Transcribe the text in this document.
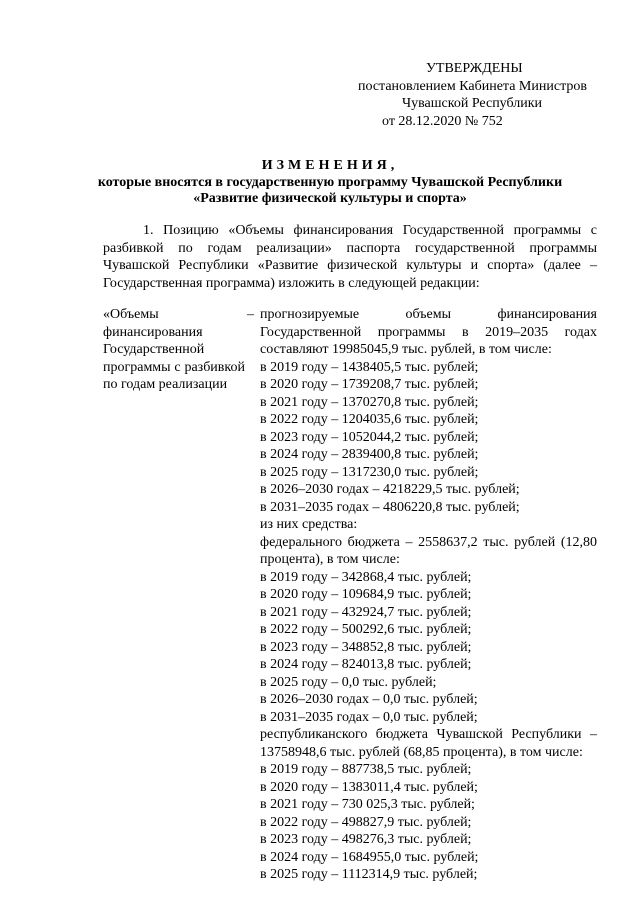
УТВЕРЖДЕНЫ
постановлением Кабинета Министров
Чувашской Республики
от 28.12.2020 № 752
ИЗМЕНЕНИЯ,
которые вносятся в государственную программу Чувашской Республики
«Развитие физической культуры и спорта»

1. Позицию «Объемы финансирования Государственной программы с разбивкой по годам реализации» паспорта государственной программы Чувашской Республики «Развитие физической культуры и спорта» (далее – Государственная программа) изложить в следующей редакции:

«Объемы финансирования Государственной программы с разбивкой по годам реализации

– прогнозируемые объемы финансирования Государственной программы в 2019–2035 годах составляют 19985045,9 тыс. рублей, в том числе:

в 2019 году – 1438405,5 тыс. рублей;
в 2020 году – 1739208,7 тыс. рублей;
в 2021 году – 1370270,8 тыс. рублей;
в 2022 году – 1204035,6 тыс. рублей;
в 2023 году – 1052044,2 тыс. рублей;
в 2024 году – 2839400,8 тыс. рублей;
в 2025 году – 1317230,0 тыс. рублей;
в 2026–2030 годах – 4218229,5 тыс. рублей;
в 2031–2035 годах – 4806220,8 тыс. рублей;
из них средства:

федерального бюджета – 2558637,2 тыс. рублей (12,80 процента), в том числе:

в 2019 году – 342868,4 тыс. рублей;
в 2020 году – 109684,9 тыс. рублей;
в 2021 году – 432924,7 тыс. рублей;
в 2022 году – 500292,6 тыс. рублей;
в 2023 году – 348852,8 тыс. рублей;
в 2024 году – 824013,8 тыс. рублей;
в 2025 году – 0,0 тыс. рублей;
в 2026–2030 годах – 0,0 тыс. рублей;
в 2031–2035 годах – 0,0 тыс. рублей;

республиканского бюджета Чувашской Республики – 13758948,6 тыс. рублей (68,85 процента), в том числе:

в 2019 году – 887738,5 тыс. рублей;
в 2020 году – 1383011,4 тыс. рублей;
в 2021 году – 730 025,3 тыс. рублей;
в 2022 году – 498827,9 тыс. рублей;
в 2023 году – 498276,3 тыс. рублей;
в 2024 году – 1684955,0 тыс. рублей;
в 2025 году – 1112314,9 тыс. рублей;
